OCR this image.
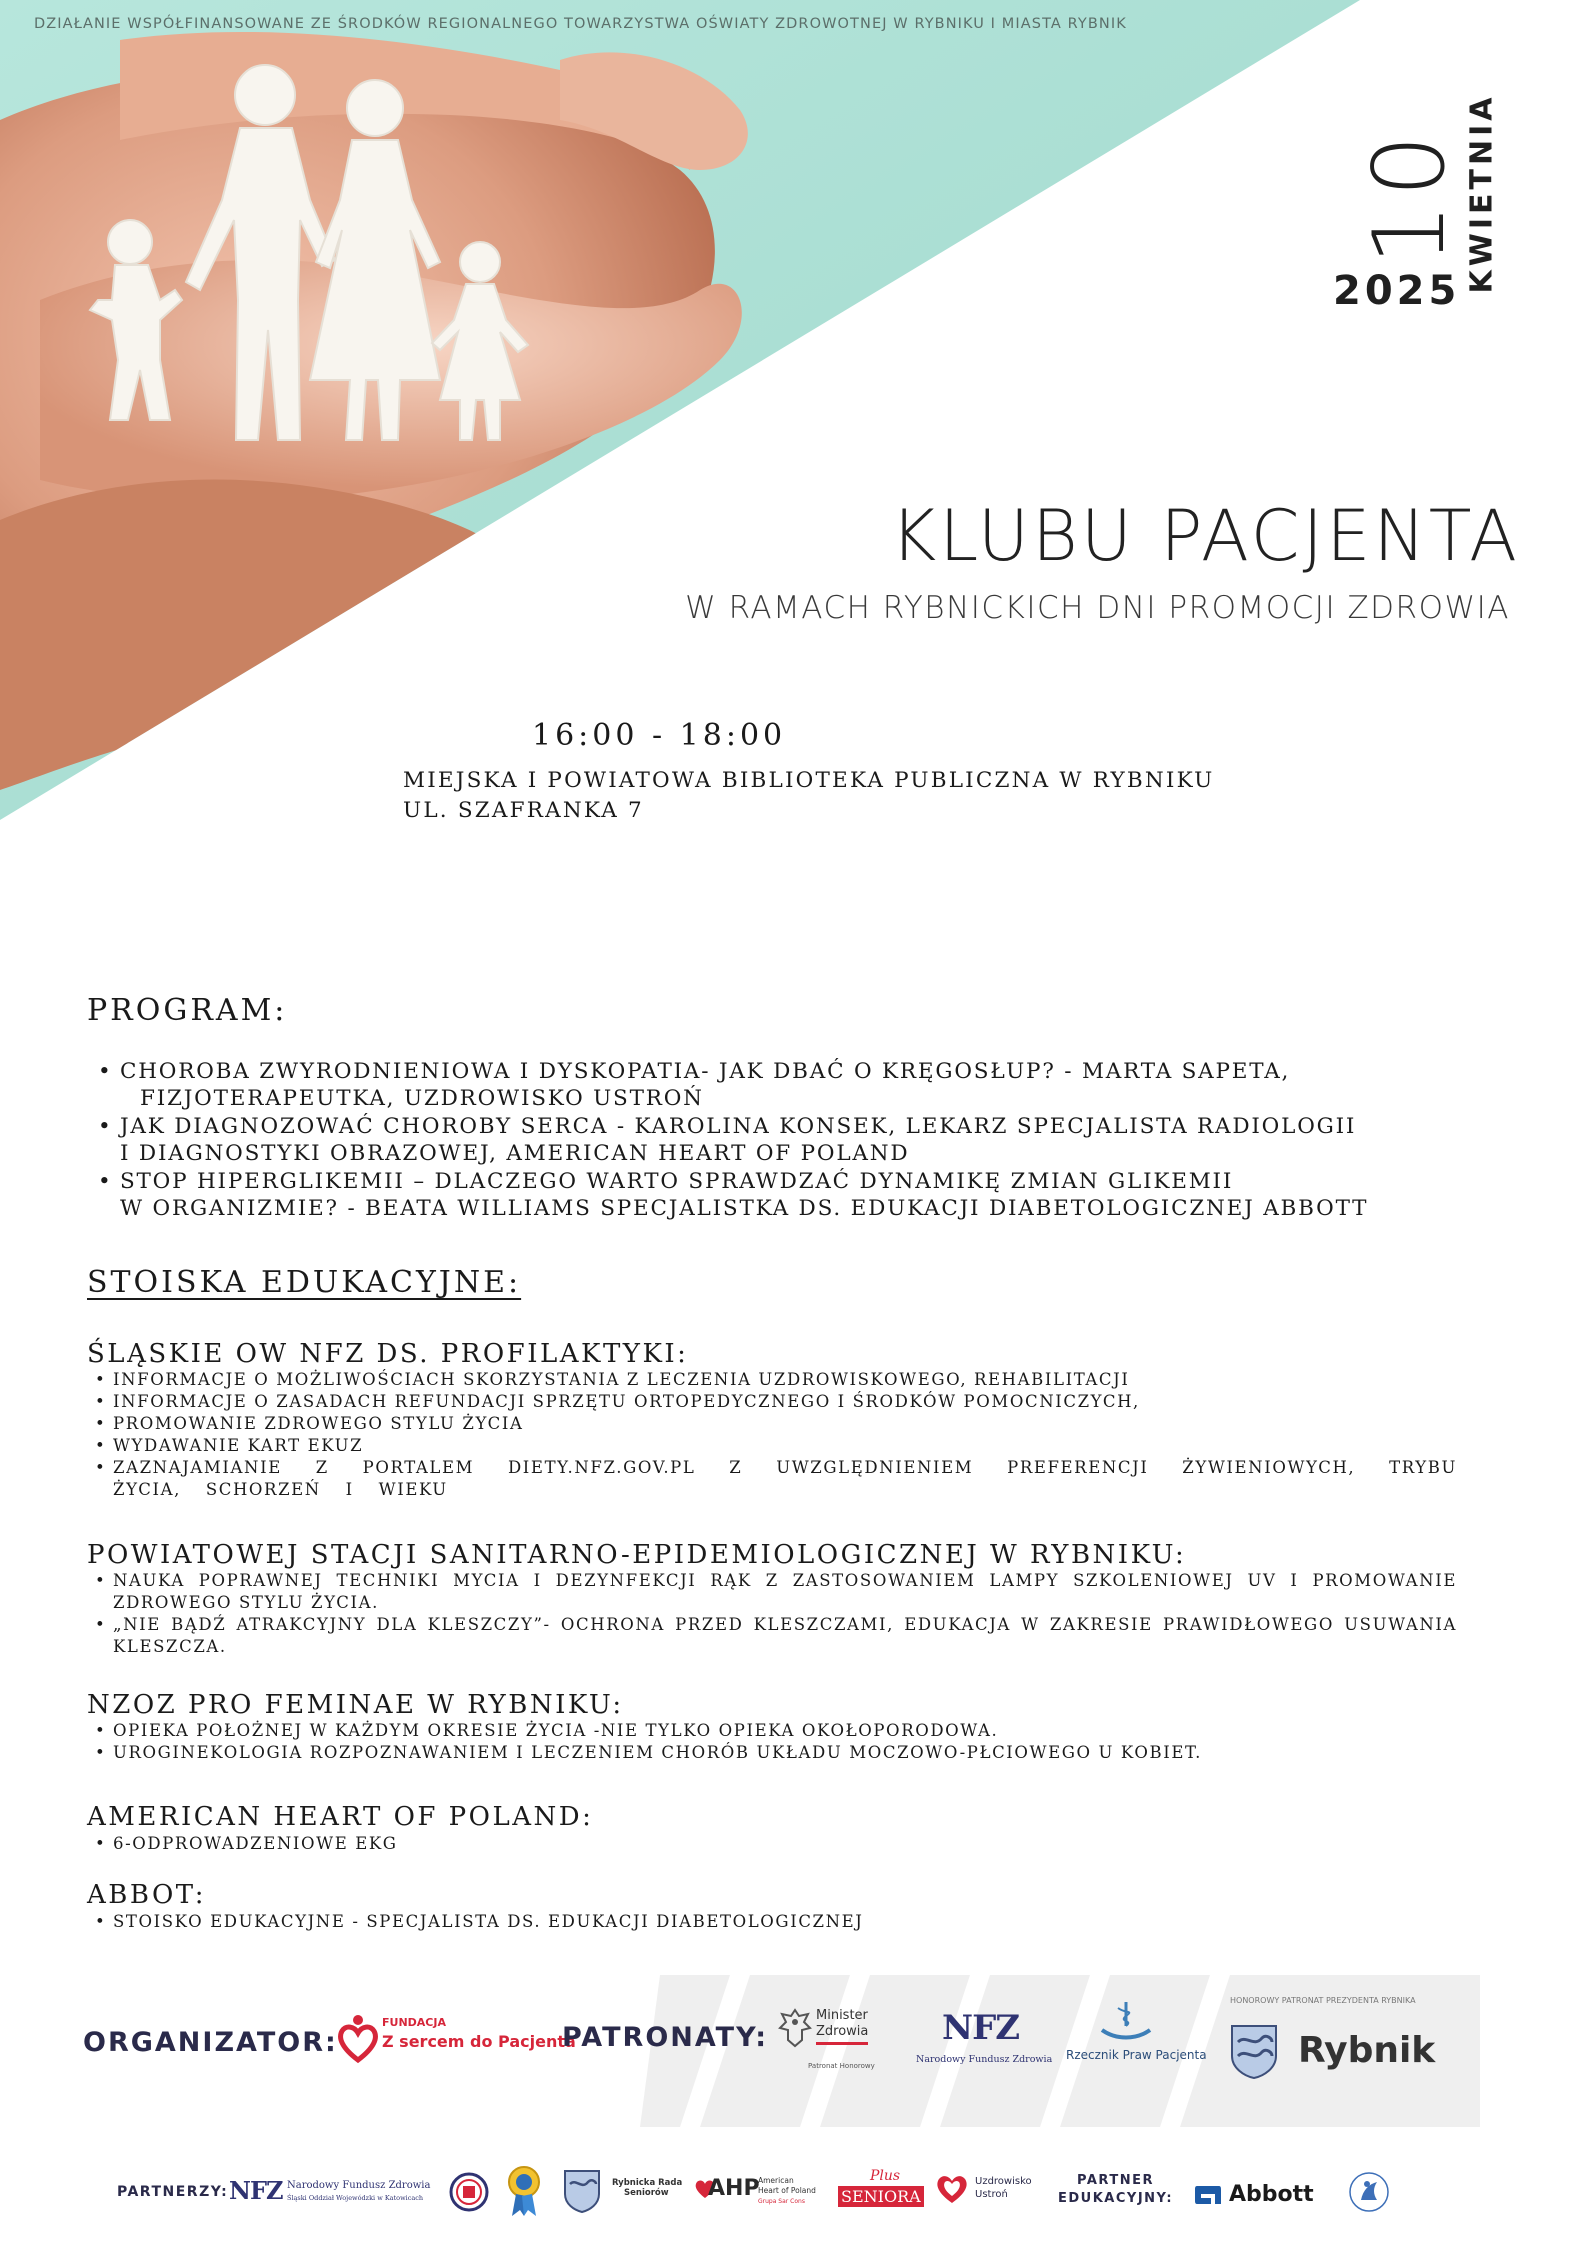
DZIAŁANIE WSPÓŁFINANSOWANE ZE ŚRODKÓW REGIONALNEGO TOWARZYSTWA OŚWIATY ZDROWOTNEJ W RYBNIKU I MIASTA RYBNIK
10
KWIETNIA
2025
KLUBU PACJENTA
W RAMACH RYBNICKICH DNI PROMOCJI ZDROWIA
16:00 - 18:00
MIEJSKA I POWIATOWA BIBLIOTEKA PUBLICZNA W RYBNIKU
UL. SZAFRANKA 7
PROGRAM:
• CHOROBA ZWYRODNIENIOWA I DYSKOPATIA- JAK DBAĆ O KRĘGOSŁUP? - MARTA SAPETA,
FIZJOTERAPEUTKA, UZDROWISKO USTROŃ
• JAK DIAGNOZOWAĆ CHOROBY SERCA - KAROLINA KONSEK, LEKARZ SPECJALISTA RADIOLOGII
I DIAGNOSTYKI OBRAZOWEJ, AMERICAN HEART OF POLAND
• STOP HIPERGLIKEMII – DLACZEGO WARTO SPRAWDZAĆ DYNAMIKĘ ZMIAN GLIKEMII
W ORGANIZMIE? - BEATA WILLIAMS SPECJALISTKA DS. EDUKACJI DIABETOLOGICZNEJ ABBOTT
STOISKA EDUKACYJNE:
ŚLĄSKIE OW NFZ DS. PROFILAKTYKI:
• INFORMACJE O MOŻLIWOŚCIACH SKORZYSTANIA Z LECZENIA UZDROWISKOWEGO, REHABILITACJI
• INFORMACJE O ZASADACH REFUNDACJI SPRZĘTU ORTOPEDYCZNEGO I ŚRODKÓW POMOCNICZYCH,
• PROMOWANIE ZDROWEGO STYLU ŻYCIA
• WYDAWANIE KART EKUZ
• ZAZNAJAMIANIE Z PORTALEM DIETY.NFZ.GOV.PL Z UWZGLĘDNIENIEM PREFERENCJI ŻYWIENIOWYCH, TRYBU ŻYCIA, SCHORZEŃ I WIEKU
POWIATOWEJ STACJI SANITARNO-EPIDEMIOLOGICZNEJ W RYBNIKU:
• NAUKA POPRAWNEJ TECHNIKI MYCIA I DEZYNFEKCJI RĄK Z ZASTOSOWANIEM LAMPY SZKOLENIOWEJ UV I PROMOWANIE ZDROWEGO STYLU ŻYCIA.
• „NIE BĄDŹ ATRAKCYJNY DLA KLESZCZY”- OCHRONA PRZED KLESZCZAMI, EDUKACJA W ZAKRESIE PRAWIDŁOWEGO USUWANIA KLESZCZA.
NZOZ PRO FEMINAE W RYBNIKU:
• OPIEKA POŁOŻNEJ W KAŻDYM OKRESIE ŻYCIA -NIE TYLKO OPIEKA OKOŁOPORODOWA.
• UROGINEKOLOGIA ROZPOZNAWANIEM I LECZENIEM CHORÓB UKŁADU MOCZOWO-PŁCIOWEGO U KOBIET.
AMERICAN HEART OF POLAND:
• 6-ODPROWADZENIOWE EKG
ABBOT:
• STOISKO EDUKACYJNE - SPECJALISTA DS. EDUKACJI DIABETOLOGICZNEJ
ORGANIZATOR:
FUNDACJA
Z sercem do Pacjenta
PATRONATY:
Minister
Zdrowia
Patronat Honorowy
NFZ
Narodowy Fundusz Zdrowia Rzecznik Praw Pacjenta
HONOROWY PATRONAT PREZYDENTA RYBNIKA
Rybnik
PARTNERZY: NFZ Narodowy Fundusz Zdrowia
Śląski Oddział Wojewódzki w Katowicach
Rybnicka Rada
Seniorów	AHP
American
Heart of Poland
Grupa Sar Cons
Plus
SENIORA
Uzdrowisko
Ustroń
PARTNER
EDUKACYJNY:	Abbott
